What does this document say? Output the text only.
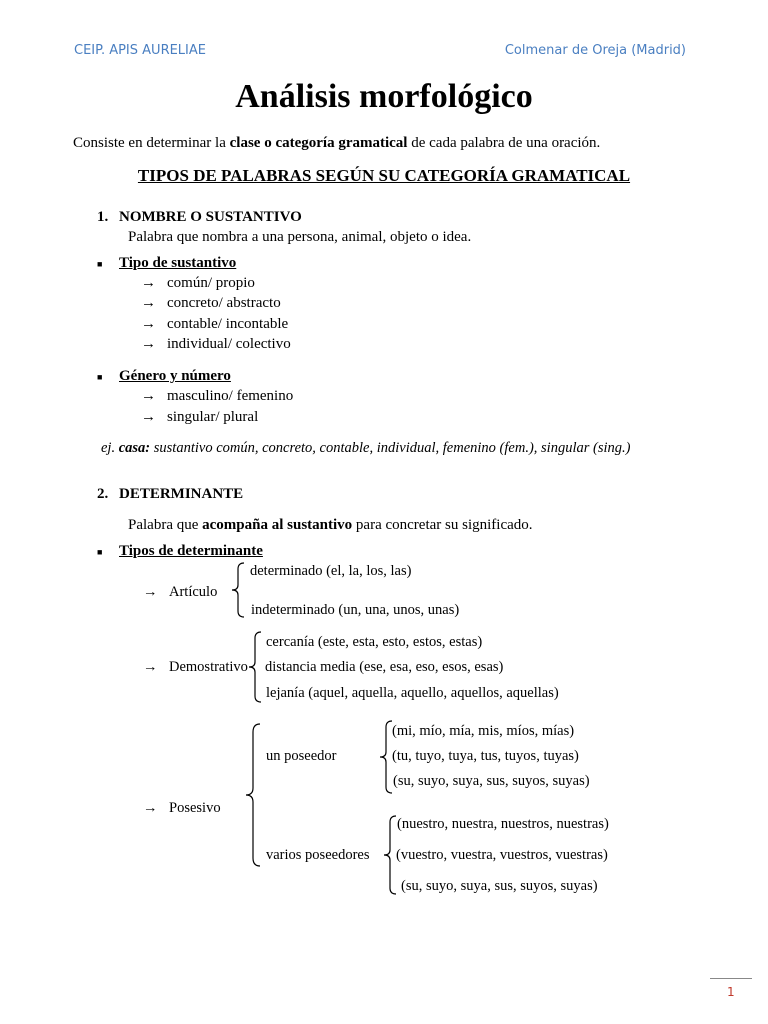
CEIP. APIS AURELIAE	Colmenar de Oreja (Madrid)
Análisis morfológico
Consiste en determinar la clase o categoría gramatical de cada palabra de una oración.
TIPOS DE PALABRAS SEGÚN SU CATEGORÍA GRAMATICAL
1. NOMBRE O SUSTANTIVO
Palabra que nombra a una persona, animal, objeto o idea.
■ Tipo de sustantivo
→ común/ propio
→ concreto/ abstracto
→ contable/ incontable
→ individual/ colectivo
■ Género y número
→ masculino/ femenino
→ singular/ plural
ej. casa: sustantivo común, concreto, contable, individual, femenino (fem.), singular (sing.)
2. DETERMINANTE
Palabra que acompaña al sustantivo para concretar su significado.
■ Tipos de determinante
→ Artículo
determinado (el, la, los, las)
indeterminado (un, una, unos, unas)
→ Demostrativo
cercanía (este, esta, esto, estos, estas)
distancia media (ese, esa, eso, esos, esas)
lejanía (aquel, aquella, aquello, aquellos, aquellas)
→ Posesivo
un poseedor
(mi, mío, mía, mis, míos, mías)
(tu, tuyo, tuya, tus, tuyos, tuyas)
(su, suyo, suya, sus, suyos, suyas)
varios poseedores
(nuestro, nuestra, nuestros, nuestras)
(vuestro, vuestra, vuestros, vuestras)
(su, suyo, suya, sus, suyos, suyas)
1
